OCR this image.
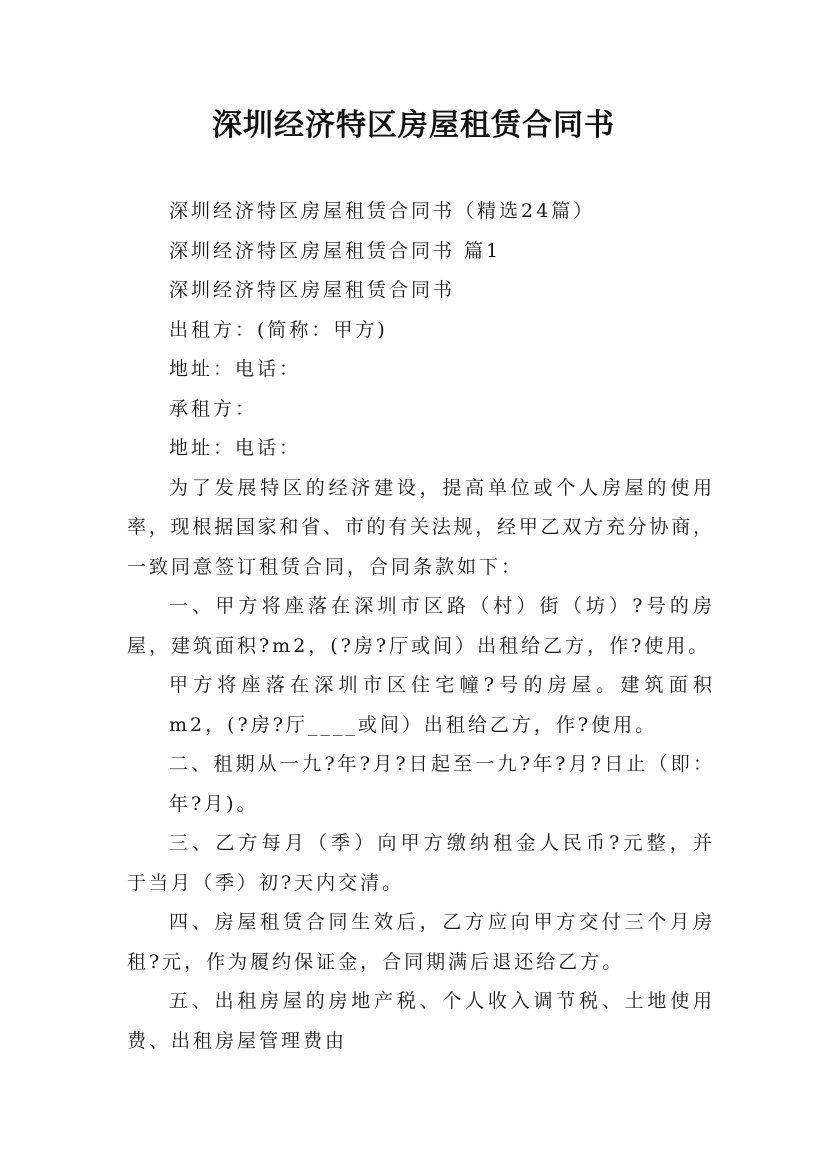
深圳经济特区房屋租赁合同书
深圳经济特区房屋租赁合同书（精选24篇）
深圳经济特区房屋租赁合同书 篇1
深圳经济特区房屋租赁合同书
出租方：(简称：甲方)
地址：电话：
承租方：
地址：电话：
为了发展特区的经济建设，提高单位或个人房屋的使用
率，现根据国家和省、市的有关法规，经甲乙双方充分协商，
一致同意签订租赁合同，合同条款如下：
一、甲方将座落在深圳市区路（村）街（坊）?号的房
屋，建筑面积?m2，(?房?厅或间）出租给乙方，作?使用。
甲方将座落在深圳市区住宅幢?号的房屋。建筑面积
m2，(?房?厅____或间）出租给乙方，作?使用。
二、租期从一九?年?月?日起至一九?年?月?日止（即：
年?月)。
三、乙方每月（季）向甲方缴纳租金人民币?元整，并
于当月（季）初?天内交清。
四、房屋租赁合同生效后，乙方应向甲方交付三个月房
租?元，作为履约保证金，合同期满后退还给乙方。
五、出租房屋的房地产税、个人收入调节税、土地使用
费、出租房屋管理费由
